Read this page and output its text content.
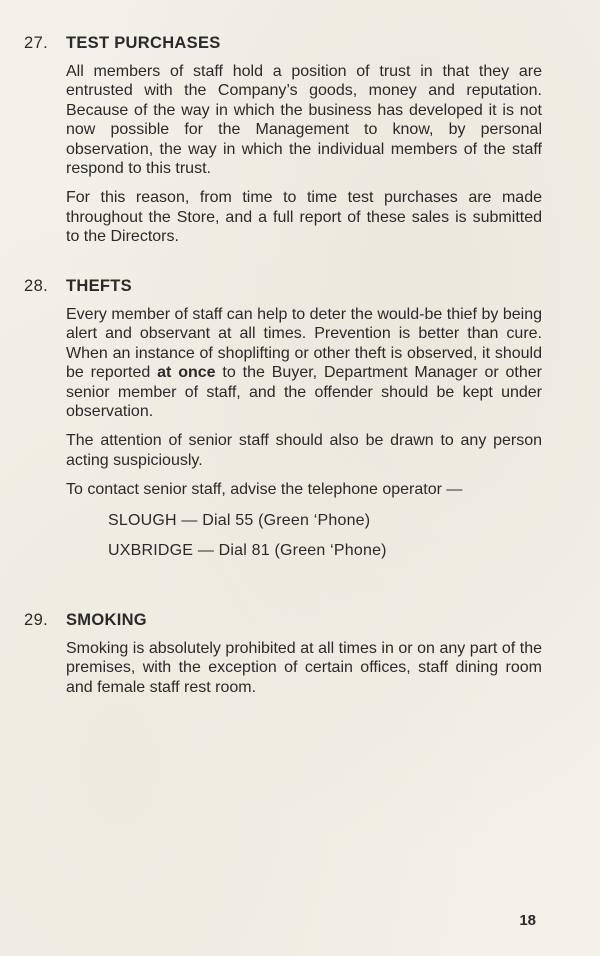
27.	TEST PURCHASES

All members of staff hold a position of trust in that they are entrusted with the Company’s goods, money and reputation. Because of the way in which the business has developed it is not now possible for the Management to know, by personal observation, the way in which the individual members of the staff respond to this trust.

For this reason, from time to time test purchases are made throughout the Store, and a full report of these sales is submitted to the Directors.

28.	THEFTS

Every member of staff can help to deter the would-be thief by being alert and observant at all times. Prevention is better than cure. When an instance of shoplifting or other theft is observed, it should be reported at once to the Buyer, Department Manager or other senior member of staff, and the offender should be kept under observation.

The attention of senior staff should also be drawn to any person acting suspiciously.

To contact senior staff, advise the telephone operator —

SLOUGH — Dial 55 (Green ‘Phone)
UXBRIDGE — Dial 81 (Green ‘Phone)
29.	SMOKING

Smoking is absolutely prohibited at all times in or on any part of the premises, with the exception of certain offices, staff dining room and female staff rest room.

18
